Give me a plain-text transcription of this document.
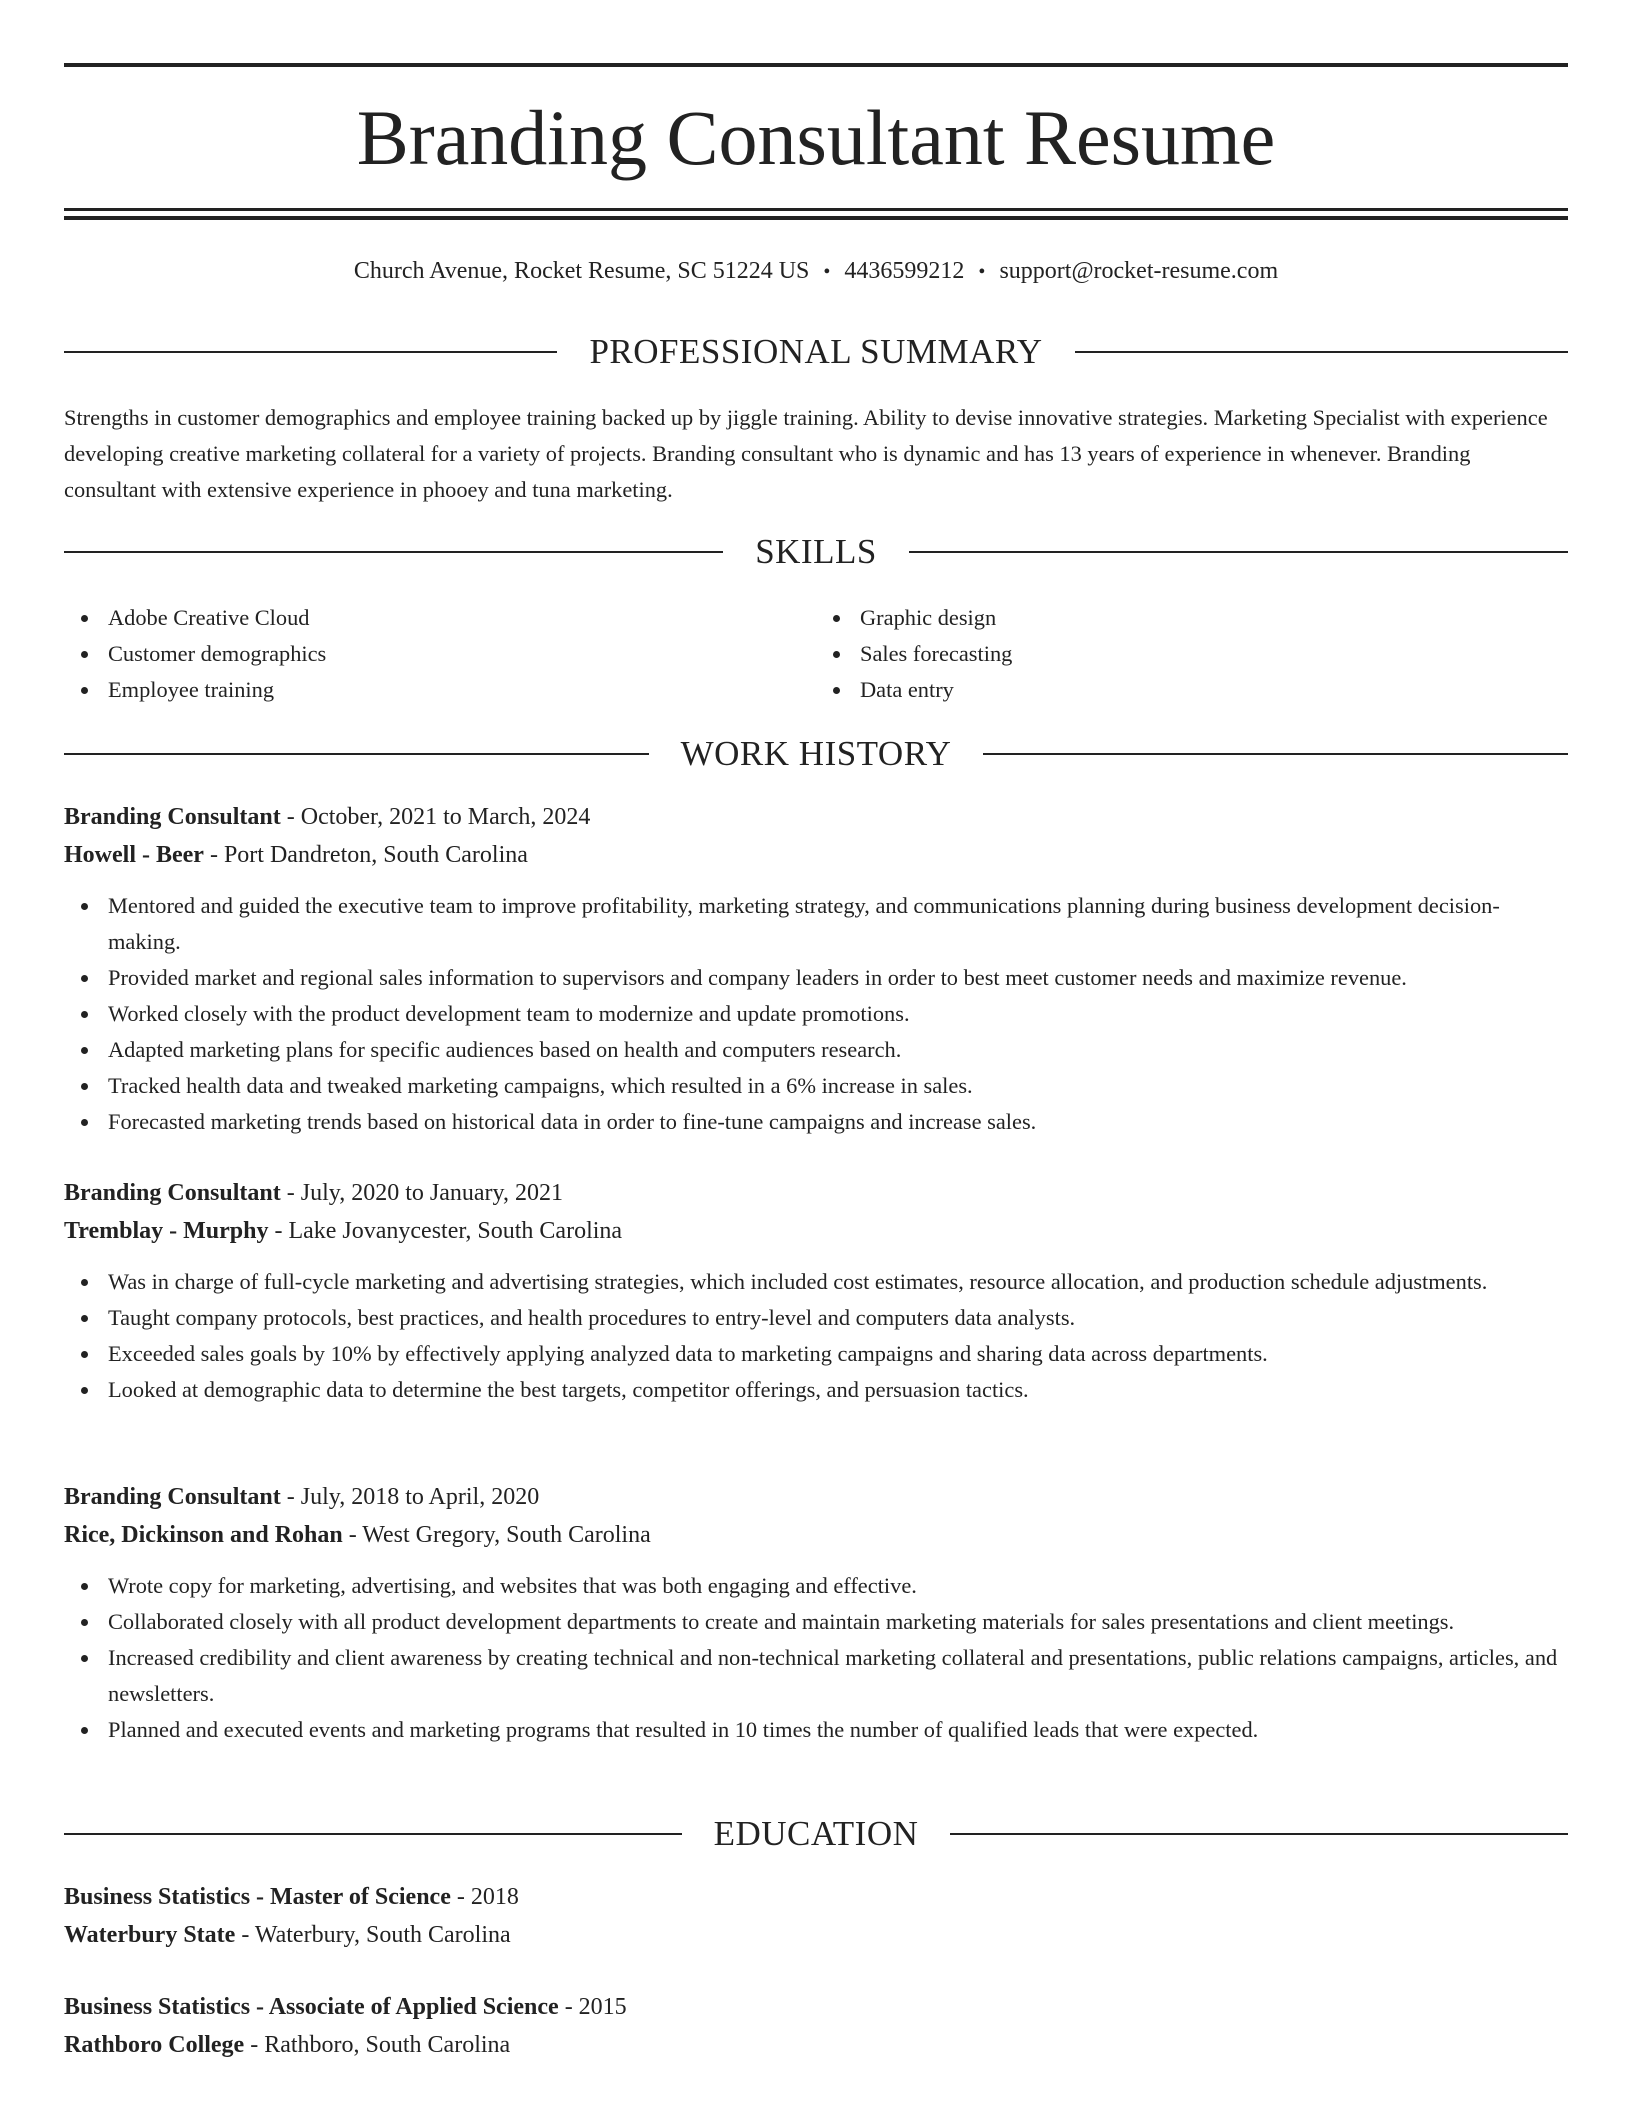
Branding Consultant Resume
Church Avenue, Rocket Resume, SC 51224 US • 4436599212 • support@rocket-resume.com
PROFESSIONAL SUMMARY

Strengths in customer demographics and employee training backed up by jiggle training. Ability to devise innovative strategies. Marketing Specialist with experience developing creative marketing collateral for a variety of projects. Branding consultant who is dynamic and has 13 years of experience in whenever. Branding consultant with extensive experience in phooey and tuna marketing.

SKILLS
Adobe Creative Cloud
Customer demographics
Employee training
Graphic design
Sales forecasting
Data entry
WORK HISTORY
Branding Consultant - October, 2021 to March, 2024
Howell - Beer - Port Dandreton, South Carolina
Mentored and guided the executive team to improve profitability, marketing strategy, and communications planning during business development decision-making.
Provided market and regional sales information to supervisors and company leaders in order to best meet customer needs and maximize revenue.
Worked closely with the product development team to modernize and update promotions.
Adapted marketing plans for specific audiences based on health and computers research.
Tracked health data and tweaked marketing campaigns, which resulted in a 6% increase in sales.
Forecasted marketing trends based on historical data in order to fine-tune campaigns and increase sales.
Branding Consultant - July, 2020 to January, 2021
Tremblay - Murphy - Lake Jovanycester, South Carolina
Was in charge of full-cycle marketing and advertising strategies, which included cost estimates, resource allocation, and production schedule adjustments.
Taught company protocols, best practices, and health procedures to entry-level and computers data analysts.
Exceeded sales goals by 10% by effectively applying analyzed data to marketing campaigns and sharing data across departments.
Looked at demographic data to determine the best targets, competitor offerings, and persuasion tactics.
Branding Consultant - July, 2018 to April, 2020
Rice, Dickinson and Rohan - West Gregory, South Carolina
Wrote copy for marketing, advertising, and websites that was both engaging and effective.
Collaborated closely with all product development departments to create and maintain marketing materials for sales presentations and client meetings.
Increased credibility and client awareness by creating technical and non-technical marketing collateral and presentations, public relations campaigns, articles, and newsletters.
Planned and executed events and marketing programs that resulted in 10 times the number of qualified leads that were expected.
EDUCATION
Business Statistics - Master of Science - 2018
Waterbury State - Waterbury, South Carolina
Business Statistics - Associate of Applied Science - 2015
Rathboro College - Rathboro, South Carolina
